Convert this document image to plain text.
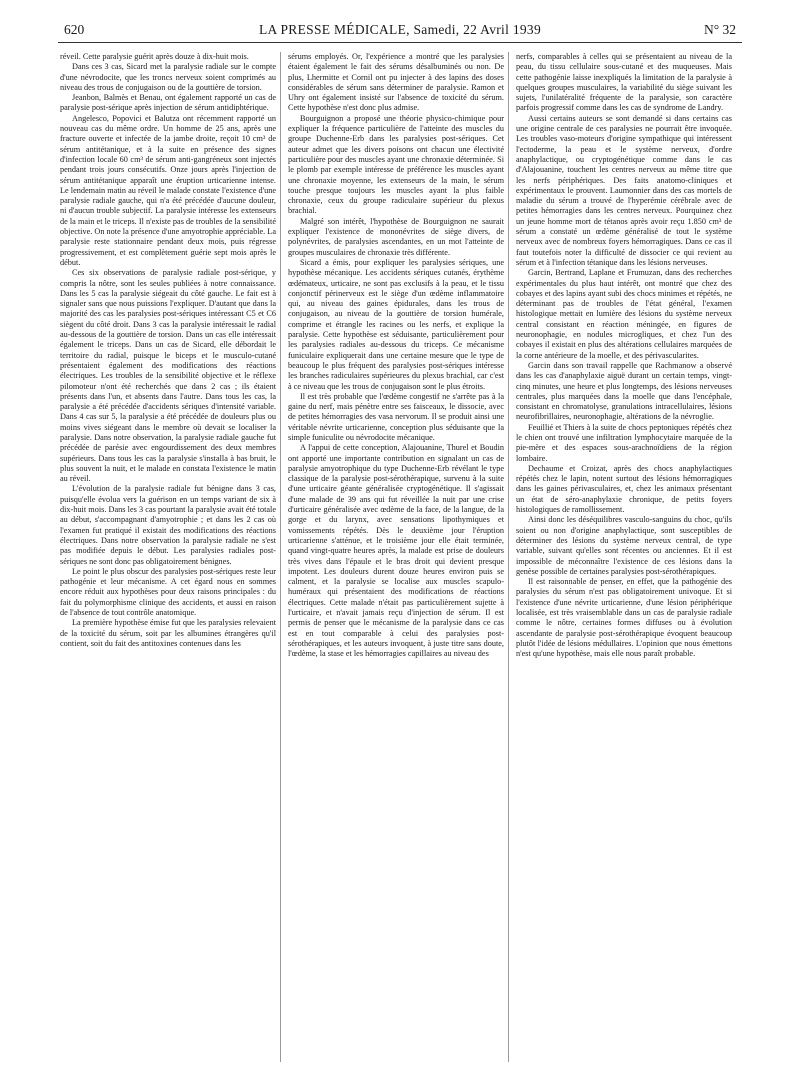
620	LA PRESSE MÉDICALE, Samedi, 22 Avril 1939	N° 32

réveil. Cette paralysie guérit après douze à dix-huit mois.

Dans ces 3 cas, Sicard met la paralysie radiale sur le compte d'une névrodocite, que les troncs nerveux soient comprimés au niveau des trous de conjugaison ou de la gouttière de torsion.

Jeanbon, Balmès et Benau, ont également rapporté un cas de paralysie post-sérique après injection de sérum antidiphtérique.

Angelesco, Popovici et Balutza ont récemment rapporté un nouveau cas du même ordre. Un homme de 25 ans, après une fracture ouverte et infectée de la jambe droite, reçoit 10 cm³ de sérum antitétanique, et à la suite en présence des signes d'infection locale 60 cm³ de sérum anti-gangréneux sont injectés pendant trois jours consécutifs. Onze jours après l'injection de sérum antitétanique apparaît une éruption urticarienne intense. Le lendemain matin au réveil le malade constate l'existence d'une paralysie radiale gauche, qui n'a été précédée d'aucune douleur, ni d'aucun trouble subjectif. La paralysie intéresse les extenseurs de la main et le triceps. Il n'existe pas de troubles de la sensibilité objective. On note la présence d'une amyotrophie appréciable. La paralysie reste stationnaire pendant deux mois, puis régresse progressivement, et est complètement guérie sept mois après le début.

Ces six observations de paralysie radiale post-sérique, y compris la nôtre, sont les seules publiées à notre connaissance. Dans les 5 cas la paralysie siégeait du côté gauche. Le fait est à signaler sans que nous puissions l'expliquer. D'autant que dans la majorité des cas les paralysies post-sériques intéressant C5 et C6 siègent du côté droit. Dans 3 cas la paralysie intéressait le radial au-dessous de la gouttière de torsion. Dans un cas elle intéressait également le triceps. Dans un cas de Sicard, elle débordait le territoire du radial, puisque le biceps et le musculo-cutané présentaient également des modifications des réactions électriques. Les troubles de la sensibilité objective et le réflexe pilomoteur n'ont été recherchés que dans 2 cas ; ils étaient présents dans l'un, et absents dans l'autre. Dans tous les cas, la paralysie a été précédée d'accidents sériques d'intensité variable. Dans 4 cas sur 5, la paralysie a été précédée de douleurs plus ou moins vives siégeant dans le membre où devait se localiser la paralysie. Dans notre observation, la paralysie radiale gauche fut précédée de parésie avec engourdissement des deux membres supérieurs. Dans tous les cas la paralysie s'installa à bas bruit, le plus souvent la nuit, et le malade en constata l'existence le matin au réveil.

L'évolution de la paralysie radiale fut bénigne dans 3 cas, puisqu'elle évolua vers la guérison en un temps variant de six à dix-huit mois. Dans les 3 cas pourtant la paralysie avait été totale au début, s'accompagnant d'amyotrophie ; et dans les 2 cas où l'examen fut pratiqué il existait des modifications des réactions électriques. Dans notre observation la paralysie radiale ne s'est pas modifiée depuis le début. Les paralysies radiales post-sériques ne sont donc pas obligatoirement bénignes.

Le point le plus obscur des paralysies post-sériques reste leur pathogénie et leur mécanisme. A cet égard nous en sommes encore réduit aux hypothèses pour deux raisons principales : du fait du polymorphisme clinique des accidents, et aussi en raison de l'absence de tout contrôle anatomique.

La première hypothèse émise fut que les paralysies relevaient de la toxicité du sérum, soit par les albumines étrangères qu'il contient, soit du fait des antitoxines contenues dans les

sérums employés. Or, l'expérience a montré que les paralysies étaient également le fait des sérums désalbuminés ou non. De plus, Lhermitte et Cornil ont pu injecter à des lapins des doses considérables de sérum sans déterminer de paralysie. Ramon et Uhry ont également insisté sur l'absence de toxicité du sérum. Cette hypothèse n'est donc plus admise.

Bourguignon a proposé une théorie physico-chimique pour expliquer la fréquence particulière de l'atteinte des muscles du groupe Duchenne-Erb dans les paralysies post-sériques. Cet auteur admet que les divers poisons ont chacun une électivité particulière pour des muscles ayant une chronaxie déterminée. Si le plomb par exemple intéresse de préférence les muscles ayant une chronaxie moyenne, les extenseurs de la main, le sérum touche presque toujours les muscles ayant la plus faible chronaxie, ceux du groupe radiculaire supérieur du plexus brachial.

Malgré son intérêt, l'hypothèse de Bourguignon ne saurait expliquer l'existence de mononévrites de siège divers, de polynévrites, de paralysies ascendantes, en un mot l'atteinte de groupes musculaires de chronaxie très différente.

Sicard a émis, pour expliquer les paralysies sériques, une hypothèse mécanique. Les accidents sériques cutanés, érythème œdémateux, urticaire, ne sont pas exclusifs à la peau, et le tissu conjonctif périnerveux est le siège d'un œdème inflammatoire qui, au niveau des gaines épidurales, dans les trous de conjugaison, au niveau de la gouttière de torsion humérale, comprime et étrangle les racines ou les nerfs, et explique la paralysie. Cette hypothèse est séduisante, particulièrement pour les paralysies radiales au-dessous du triceps. Ce mécanisme funiculaire expliquerait dans une certaine mesure que le type de beaucoup le plus fréquent des paralysies post-sériques intéresse les branches radiculaires supérieures du plexus brachial, car c'est à ce niveau que les trous de conjugaison sont le plus étroits.

Il est très probable que l'œdème congestif ne s'arrête pas à la gaine du nerf, mais pénètre entre ses faisceaux, le dissocie, avec de petites hémorragies des vasa nervorum. Il se produit ainsi une véritable névrite urticarienne, conception plus séduisante que la simple funiculite ou névrodocite mécanique.

A l'appui de cette conception, Alajouanine, Thurel et Boudin ont apporté une importante contribution en signalant un cas de paralysie amyotrophique du type Duchenne-Erb révélant le type classique de la paralysie post-sérothérapique, survenu à la suite d'une urticaire géante généralisée cryptogénétique. Il s'agissait d'une malade de 39 ans qui fut réveillée la nuit par une crise d'urticaire généralisée avec œdème de la face, de la langue, de la gorge et du larynx, avec sensations lipothymiques et vomissements répétés. Dès le deuxième jour l'éruption urticarienne s'atténue, et le troisième jour elle était terminée, quand vingt-quatre heures après, la malade est prise de douleurs très vives dans l'épaule et le bras droit qui devient presque impotent. Les douleurs durent douze heures environ puis se calment, et la paralysie se localise aux muscles scapulo-huméraux qui présentaient des modifications de réactions électriques. Cette malade n'était pas particulièrement sujette à l'urticaire, et n'avait jamais reçu d'injection de sérum. Il est permis de penser que le mécanisme de la paralysie dans ce cas est en tout comparable à celui des paralysies post-sérothérapiques, et les auteurs invoquent, à juste titre sans doute, l'œdème, la stase et les hémorragies capillaires au niveau des

nerfs, comparables à celles qui se présentaient au niveau de la peau, du tissu cellulaire sous-cutané et des muqueuses. Mais cette pathogénie laisse inexpliqués la limitation de la paralysie à quelques groupes musculaires, la variabilité du siège suivant les sujets, l'unilatéralité fréquente de la paralysie, son caractère parfois progressif comme dans les cas de syndrome de Landry.

Aussi certains auteurs se sont demandé si dans certains cas une origine centrale de ces paralysies ne pourrait être invoquée. Les troubles vaso-moteurs d'origine sympathique qui intéressent l'ectoderme, la peau et le système nerveux, d'ordre anaphylactique, ou cryptogénétique comme dans le cas d'Alajouanine, touchent les centres nerveux au même titre que les nerfs périphériques. Des faits anatomo-cliniques et expérimentaux le prouvent. Laumonnier dans des cas mortels de maladie du sérum a trouvé de l'hyperémie cérébrale avec de petites hémorragies dans les centres nerveux. Pourquinez chez un jeune homme mort de tétanos après avoir reçu 1.850 cm³ de sérum a constaté un œdème généralisé de tout le système nerveux avec de nombreux foyers hémorragiques. Dans ce cas il faut toutefois noter la difficulté de dissocier ce qui revient au sérum et à l'infection tétanique dans les lésions nerveuses.

Garcin, Bertrand, Laplane et Frumuzan, dans des recherches expérimentales du plus haut intérêt, ont montré que chez des cobayes et des lapins ayant subi des chocs minimes et répétés, ne déterminant pas de troubles de l'état général, l'examen histologique mettait en lumière des lésions du système nerveux central consistant en réaction méningée, en figures de neuronophagie, en nodules microgliques, et chez l'un des cobayes il existait en plus des altérations cellulaires marquées de la corne antérieure de la moelle, et des périvascularites.

Garcin dans son travail rappelle que Rachmanow a observé dans les cas d'anaphylaxie aiguë durant un certain temps, vingt-cinq minutes, une heure et plus longtemps, des lésions nerveuses centrales, plus marquées dans la moelle que dans l'encéphale, consistant en chromatolyse, granulations intracellulaires, lésions neurofibrillaires, neuronophagie, altérations de la névroglie.

Feuillié et Thiers à la suite de chocs peptoniques répétés chez le chien ont trouvé une infiltration lymphocytaire marquée de la pie-mère et des espaces sous-arachnoïdiens de la région lombaire.

Dechaume et Croizat, après des chocs anaphylactiques répétés chez le lapin, notent surtout des lésions hémorragiques dans les gaines périvasculaires, et, chez les animaux présentant un état de séro-anaphylaxie chronique, de petits foyers histologiques de ramollissement.

Ainsi donc les déséquilibres vasculo-sanguins du choc, qu'ils soient ou non d'origine anaphylactique, sont susceptibles de déterminer des lésions du système nerveux central, de type variable, suivant qu'elles sont récentes ou anciennes. Et il est impossible de méconnaître l'existence de ces lésions dans la genèse possible de certaines paralysies post-sérothérapiques.

Il est raisonnable de penser, en effet, que la pathogénie des paralysies du sérum n'est pas obligatoirement univoque. Et si l'existence d'une névrite urticarienne, d'une lésion périphérique localisée, est très vraisemblable dans un cas de paralysie radiale comme le nôtre, certaines formes diffuses ou à évolution ascendante de paralysie post-sérothérapique évoquent beaucoup plutôt l'idée de lésions médullaires. L'opinion que nous émettons n'est qu'une hypothèse, mais elle nous paraît probable.
